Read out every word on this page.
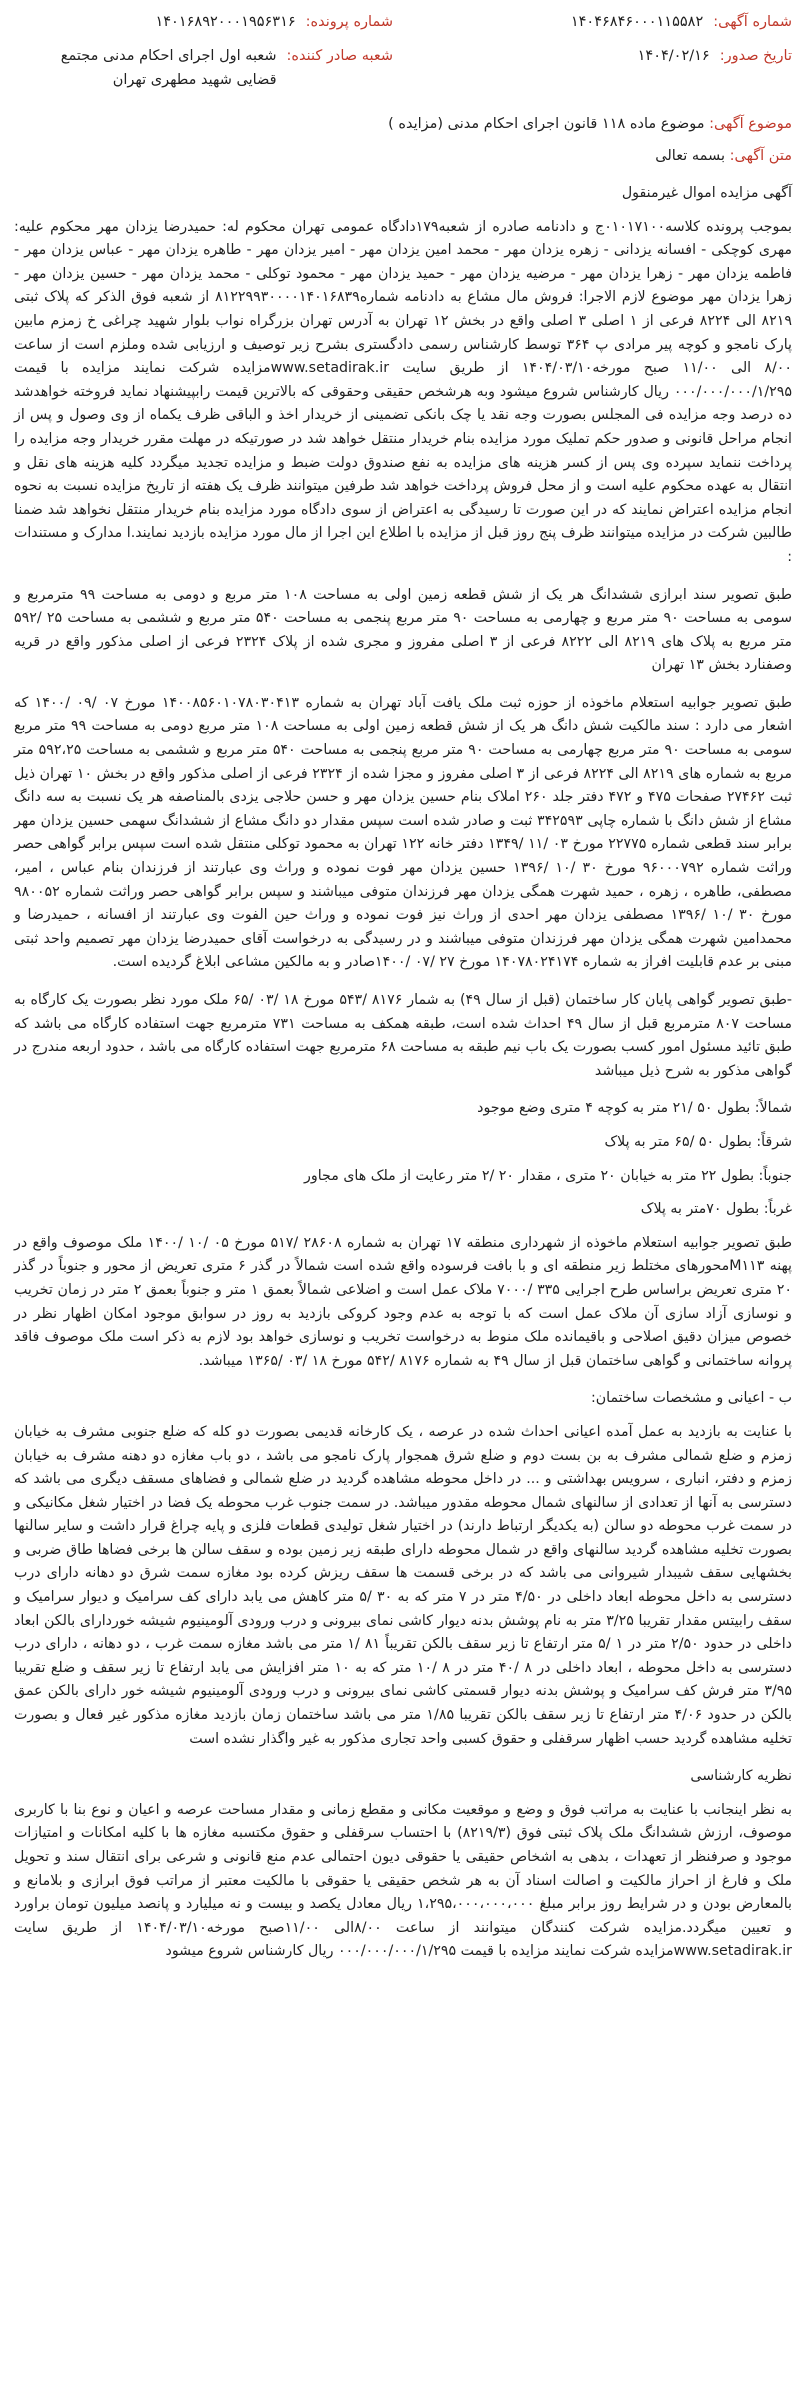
شماره آگهی:
۱۴۰۴۶۸۴۶۰۰۰۱۱۵۵۸۲
شماره پرونده:
۱۴۰۱۶۸۹۲۰۰۰۱۹۵۶۳۱۶
تاریخ صدور:
۱۴۰۴/۰۲/۱۶
شعبه صادر کننده:
شعبه اول اجرای احکام مدنی مجتمع قضایی شهید مطهری تهران
موضوع آگهی: موضوع ماده ۱۱۸ قانون اجرای احکام مدنی (مزایده )
متن آگهی: بسمه تعالی

آگهی مزایده اموال غیرمنقول

بموجب پرونده کلاسه۰۱۰۱۷۱۰۰ج و دادنامه صادره از شعبه۱۷۹دادگاه عمومی تهران محکوم له: حمیدرضا یزدان مهر محکوم علیه: مهری کوچکی - افسانه یزدانی - زهره یزدان مهر - محمد امین یزدان مهر - امیر یزدان مهر - طاهره یزدان مهر - عباس یزدان مهر - فاطمه یزدان مهر - زهرا یزدان مهر - مرضیه یزدان مهر - حمید یزدان مهر - محمود توکلی - محمد یزدان مهر - حسین یزدان مهر - زهرا یزدان مهر موضوع لازم الاجرا: فروش مال مشاع به دادنامه شماره۸۱۲۲۹۹۳۰۰۰۰۱۴۰۱۶۸۳۹ از شعبه فوق الذکر که پلاک ثبتی ۸۲۱۹ الی ۸۲۲۴ فرعی از ۱ اصلی ۳ اصلی واقع در بخش ۱۲ تهران به آدرس تهران بزرگراه نواب بلوار شهید چراغی خ زمزم مابین پارک نامجو و کوچه پیر مرادی پ ۳۶۴ توسط کارشناس رسمی دادگستری بشرح زیر توصیف و ارزیابی شده وملزم است از ساعت ۸/۰۰ الی ۱۱/۰۰ صبح مورخه۱۴۰۴/۰۳/۱۰ از طریق سایت www.setadirak.irمزایده شرکت نمایند مزایده با قیمت ۰۰۰/۰۰۰/۰۰۰/۱/۲۹۵ ریال کارشناس شروع میشود وبه هرشخص حقیقی وحقوقی که بالاترین قیمت رابپیشنهاد نماید فروخته خواهدشد ده درصد وجه مزایده فی المجلس بصورت وجه نقد یا چک بانکی تضمینی از خریدار اخذ و الباقی ظرف یکماه از وی وصول و پس از انجام مراحل قانونی و صدور حکم تملیک مورد مزایده بنام خریدار منتقل خواهد شد در صورتیکه در مهلت مقرر خریدار وجه مزایده را پرداخت ننماید سپرده وی پس از کسر هزینه های مزایده به نفع صندوق دولت ضبط و مزایده تجدید میگردد کلیه هزینه های نقل و انتقال به عهده محکوم علیه است و از محل فروش پرداخت خواهد شد طرفین میتوانند ظرف یک هفته از تاریخ مزایده نسبت به نحوه انجام مزایده اعتراض نمایند که در این صورت تا رسیدگی به اعتراض از سوی دادگاه مورد مزایده بنام خریدار منتقل نخواهد شد ضمنا طالبین شرکت در مزایده میتوانند ظرف پنج روز قبل از مزایده با اطلاع این اجرا از مال مورد مزایده بازدید نمایند.ا مدارک و مستندات :

طبق تصویر سند ابرازی ششدانگ هر یک از شش قطعه زمین اولی به مساحت ۱۰۸ متر مربع و دومی به مساحت ۹۹ مترمربع و سومی به مساحت ۹۰ متر مربع و چهارمی به مساحت ۹۰ متر مربع پنجمی به مساحت ۵۴۰ متر مربع و ششمی به مساحت ۲۵ /۵۹۲ متر مربع به پلاک های ۸۲۱۹ الی ۸۲۲۲ فرعی از ۳ اصلی مفروز و مجری شده از پلاک ۲۳۲۴ فرعی از اصلی مذکور واقع در قریه وصفنارد بخش ۱۳ تهران

طبق تصویر جوابیه استعلام ماخوذه از حوزه ثبت ملک یافت آباد تهران به شماره ۱۴۰۰۸۵۶۰۱۰۷۸۰۳۰۴۱۳ مورخ ۰۷ /۰۹ /۱۴۰۰ که اشعار می دارد : سند مالکیت شش دانگ هر یک از شش قطعه زمین اولی به مساحت ۱۰۸ متر مربع دومی به مساحت ۹۹ متر مربع سومی به مساحت ۹۰ متر مربع چهارمی به مساحت ۹۰ متر مربع پنجمی به مساحت ۵۴۰ متر مربع و ششمی به مساحت ۵۹۲،۲۵ متر مربع به شماره های ۸۲۱۹ الی ۸۲۲۴ فرعی از ۳ اصلی مفروز و مجزا شده از ۲۳۲۴ فرعی از اصلی مذکور واقع در بخش ۱۰ تهران ذیل ثبت ۲۷۴۶۲ صفحات ۴۷۵ و ۴۷۲ دفتر جلد ۲۶۰ املاک بنام حسین یزدان مهر و حسن حلاجی یزدی بالمناصفه هر یک نسبت به سه دانگ مشاع از شش دانگ با شماره چاپی ۳۴۲۵۹۳ ثبت و صادر شده است سپس مقدار دو دانگ مشاع از ششدانگ سهمی حسین یزدان مهر برابر سند قطعی شماره ۲۲۷۷۵ مورخ ۰۳ /۱۱ /۱۳۴۹ دفتر خانه ۱۲۲ تهران به محمود توکلی منتقل شده است سپس برابر گواهی حصر وراثت شماره ۹۶۰۰۰۷۹۲ مورخ ۳۰ /۱۰ /۱۳۹۶ حسین یزدان مهر فوت نموده و وراث وی عبارتند از فرزندان بنام عباس ، امیر، مصطفی، طاهره ، زهره ، حمید شهرت همگی یزدان مهر فرزندان متوفی میباشند و سپس برابر گواهی حصر وراثت شماره ۹۸۰۰۵۲ مورخ ۳۰ /۱۰ /۱۳۹۶ مصطفی یزدان مهر احدی از وراث نیز فوت نموده و وراث حین الفوت وی عبارتند از افسانه ، حمیدرضا و محمدامین شهرت همگی یزدان مهر فرزندان متوفی میباشند و در رسیدگی به درخواست آقای حمیدرضا یزدان مهر تصمیم واحد ثبتی مبنی بر عدم قابلیت افراز به شماره ۱۴۰۷۸۰۲۴۱۷۴ مورخ ۲۷ /۰۷ /۱۴۰۰صادر و به مالکین مشاعی ابلاغ گردیده است.

-طبق تصویر گواهی پایان کار ساختمان (قبل از سال ۴۹) به شمار ۸۱۷۶ /۵۴۳ مورخ ۱۸ /۰۳ /۶۵ ملک مورد نظر بصورت یک کارگاه به مساحت ۸۰۷ مترمربع قبل از سال ۴۹ احداث شده است، طبقه همکف به مساحت ۷۳۱ مترمربع جهت استفاده کارگاه می باشد که طبق تائید مسئول امور کسب بصورت یک باب نیم طبقه به مساحت ۶۸ مترمربع جهت استفاده کارگاه می باشد ، حدود اربعه مندرج در گواهی مذکور به شرح ذیل میباشد

شمالاً: بطول ۵۰ /۲۱ متر به کوچه ۴ متری وضع موجود

شرقاً: بطول ۵۰ /۶۵ متر به پلاک

جنوباً: بطول ۲۲ متر به خیابان ۲۰ متری ، مقدار ۲۰ /۲ متر رعایت از ملک های مجاور

غرباً: بطول ۷۰متر به پلاک

طبق تصویر جوابیه استعلام ماخوذه از شهرداری منطقه ۱۷ تهران به شماره ۲۸۶۰۸ /۵۱۷ مورخ ۰۵ /۱۰ /۱۴۰۰ ملک موصوف واقع در پهنه M۱۱۳محورهای مختلط زیر منطقه ای و با بافت فرسوده واقع شده است شمالاً در گذر ۶ متری تعریض از محور و جنوباً در گذر ۲۰ متری تعریض براساس طرح اجرایی ۳۳۵ /۷۰۰۰ ملاک عمل است و اضلاعی شمالاً بعمق ۱ متر و جنوباً بعمق ۲ متر در زمان تخریب و نوسازی آزاد سازی آن ملاک عمل است که با توجه به عدم وجود کروکی بازدید به روز در سوابق موجود امکان اظهار نظر در خصوص میزان دقیق اصلاحی و باقیمانده ملک منوط به درخواست تخریب و نوسازی خواهد بود لازم به ذکر است ملک موصوف فاقد پروانه ساختمانی و گواهی ساختمان قبل از سال ۴۹ به شماره ۸۱۷۶ /۵۴۲ مورخ ۱۸ /۰۳ /۱۳۶۵ میباشد.

ب - اعیانی و مشخصات ساختمان:

با عنایت به بازدید به عمل آمده اعیانی احداث شده در عرصه ، یک کارخانه قدیمی بصورت دو کله که ضلع جنوبی مشرف به خیابان زمزم و ضلع شمالی مشرف به بن بست دوم و ضلع شرق همجوار پارک نامجو می باشد ، دو باب مغازه دو دهنه مشرف به خیابان زمزم و دفتر، انباری ، سرویس بهداشتی و ... در داخل محوطه مشاهده گردید در ضلع شمالی و فضاهای مسقف دیگری می باشد که دسترسی به آنها از تعدادی از سالنهای شمال محوطه مقدور میباشد. در سمت جنوب غرب محوطه یک فضا در اختیار شغل مکانیکی و در سمت غرب محوطه دو سالن (به یکدیگر ارتباط دارند) در اختیار شغل تولیدی قطعات فلزی و پایه چراغ قرار داشت و سایر سالنها بصورت تخلیه مشاهده گردید سالنهای واقع در شمال محوطه دارای طبقه زیر زمین بوده و سقف سالن ها برخی فضاها طاق ضربی و بخشهایی سقف شیبدار شیروانی می باشد که در برخی قسمت ها سقف ریزش کرده بود مغازه سمت شرق دو دهانه دارای درب دسترسی به داخل محوطه ابعاد داخلی در ۴/۵۰ متر در ۷ متر که به ۳۰ /۵ متر کاهش می یابد دارای کف سرامیک و دیوار سرامیک و سقف رابیتس مقدار تقریبا ۳/۲۵ متر به نام پوشش بدنه دیوار کاشی نمای بیرونی و درب ورودی آلومینیوم شیشه خوردارای بالکن ابعاد داخلی در حدود ۲/۵۰ متر در ۱ /۵ متر ارتفاع تا زیر سقف بالکن تقریباً ۸۱ /۱ متر می باشد مغازه سمت غرب ، دو دهانه ، دارای درب دسترسی به داخل محوطه ، ابعاد داخلی در ۸ /۴۰ متر در ۸ /۱۰ متر که به ۱۰ متر افزایش می یابد ارتفاع تا زیر سقف و ضلع تقریبا ۳/۹۵ متر فرش کف سرامیک و پوشش بدنه دیوار قسمتی کاشی نمای بیرونی و درب ورودی آلومینیوم شیشه خور دارای بالکن عمق بالکن در حدود ۴/۰۶ متر ارتفاع تا زیر سقف بالکن تقریبا ۱/۸۵ متر می باشد ساختمان زمان بازدید مغازه مذکور غیر فعال و بصورت تخلیه مشاهده گردید حسب اظهار سرقفلی و حقوق کسبی واحد تجاری مذکور به غیر واگذار نشده است

نظریه کارشناسی

به نظر اینجانب با عنایت به مراتب فوق و وضع و موقعیت مکانی و مقطع زمانی و مقدار مساحت عرصه و اعیان و نوع بنا با کاربری موصوف، ارزش ششدانگ ملک پلاک ثبتی فوق (۸۲۱۹/۳) با احتساب سرقفلی و حقوق مکتسبه مغازه ها با کلیه امکانات و امتیازات موجود و صرفنظر از تعهدات ، بدهی به اشخاص حقیقی یا حقوقی دیون احتمالی عدم منع قانونی و شرعی برای انتقال سند و تحویل ملک و فارغ از احراز مالکیت و اصالت اسناد آن به هر شخص حقیقی یا حقوقی با مالکیت معتبر از مراتب فوق ابرازی و بلامانع و بالمعارض بودن و در شرایط روز برابر مبلغ ۱،۲۹۵،۰۰۰،۰۰۰،۰۰۰ ریال معادل یکصد و بیست و نه میلیارد و پانصد میلیون تومان براورد و تعیین میگردد.مزایده شرکت کنندگان میتوانند از ساعت ۸/۰۰الی ۱۱/۰۰صبح مورخه۱۴۰۴/۰۳/۱۰ از طریق سایت www.setadirak.irمزایده شرکت نمایند مزایده با قیمت ۰۰۰/۰۰۰/۰۰۰/۱/۲۹۵ ریال کارشناس شروع میشود
